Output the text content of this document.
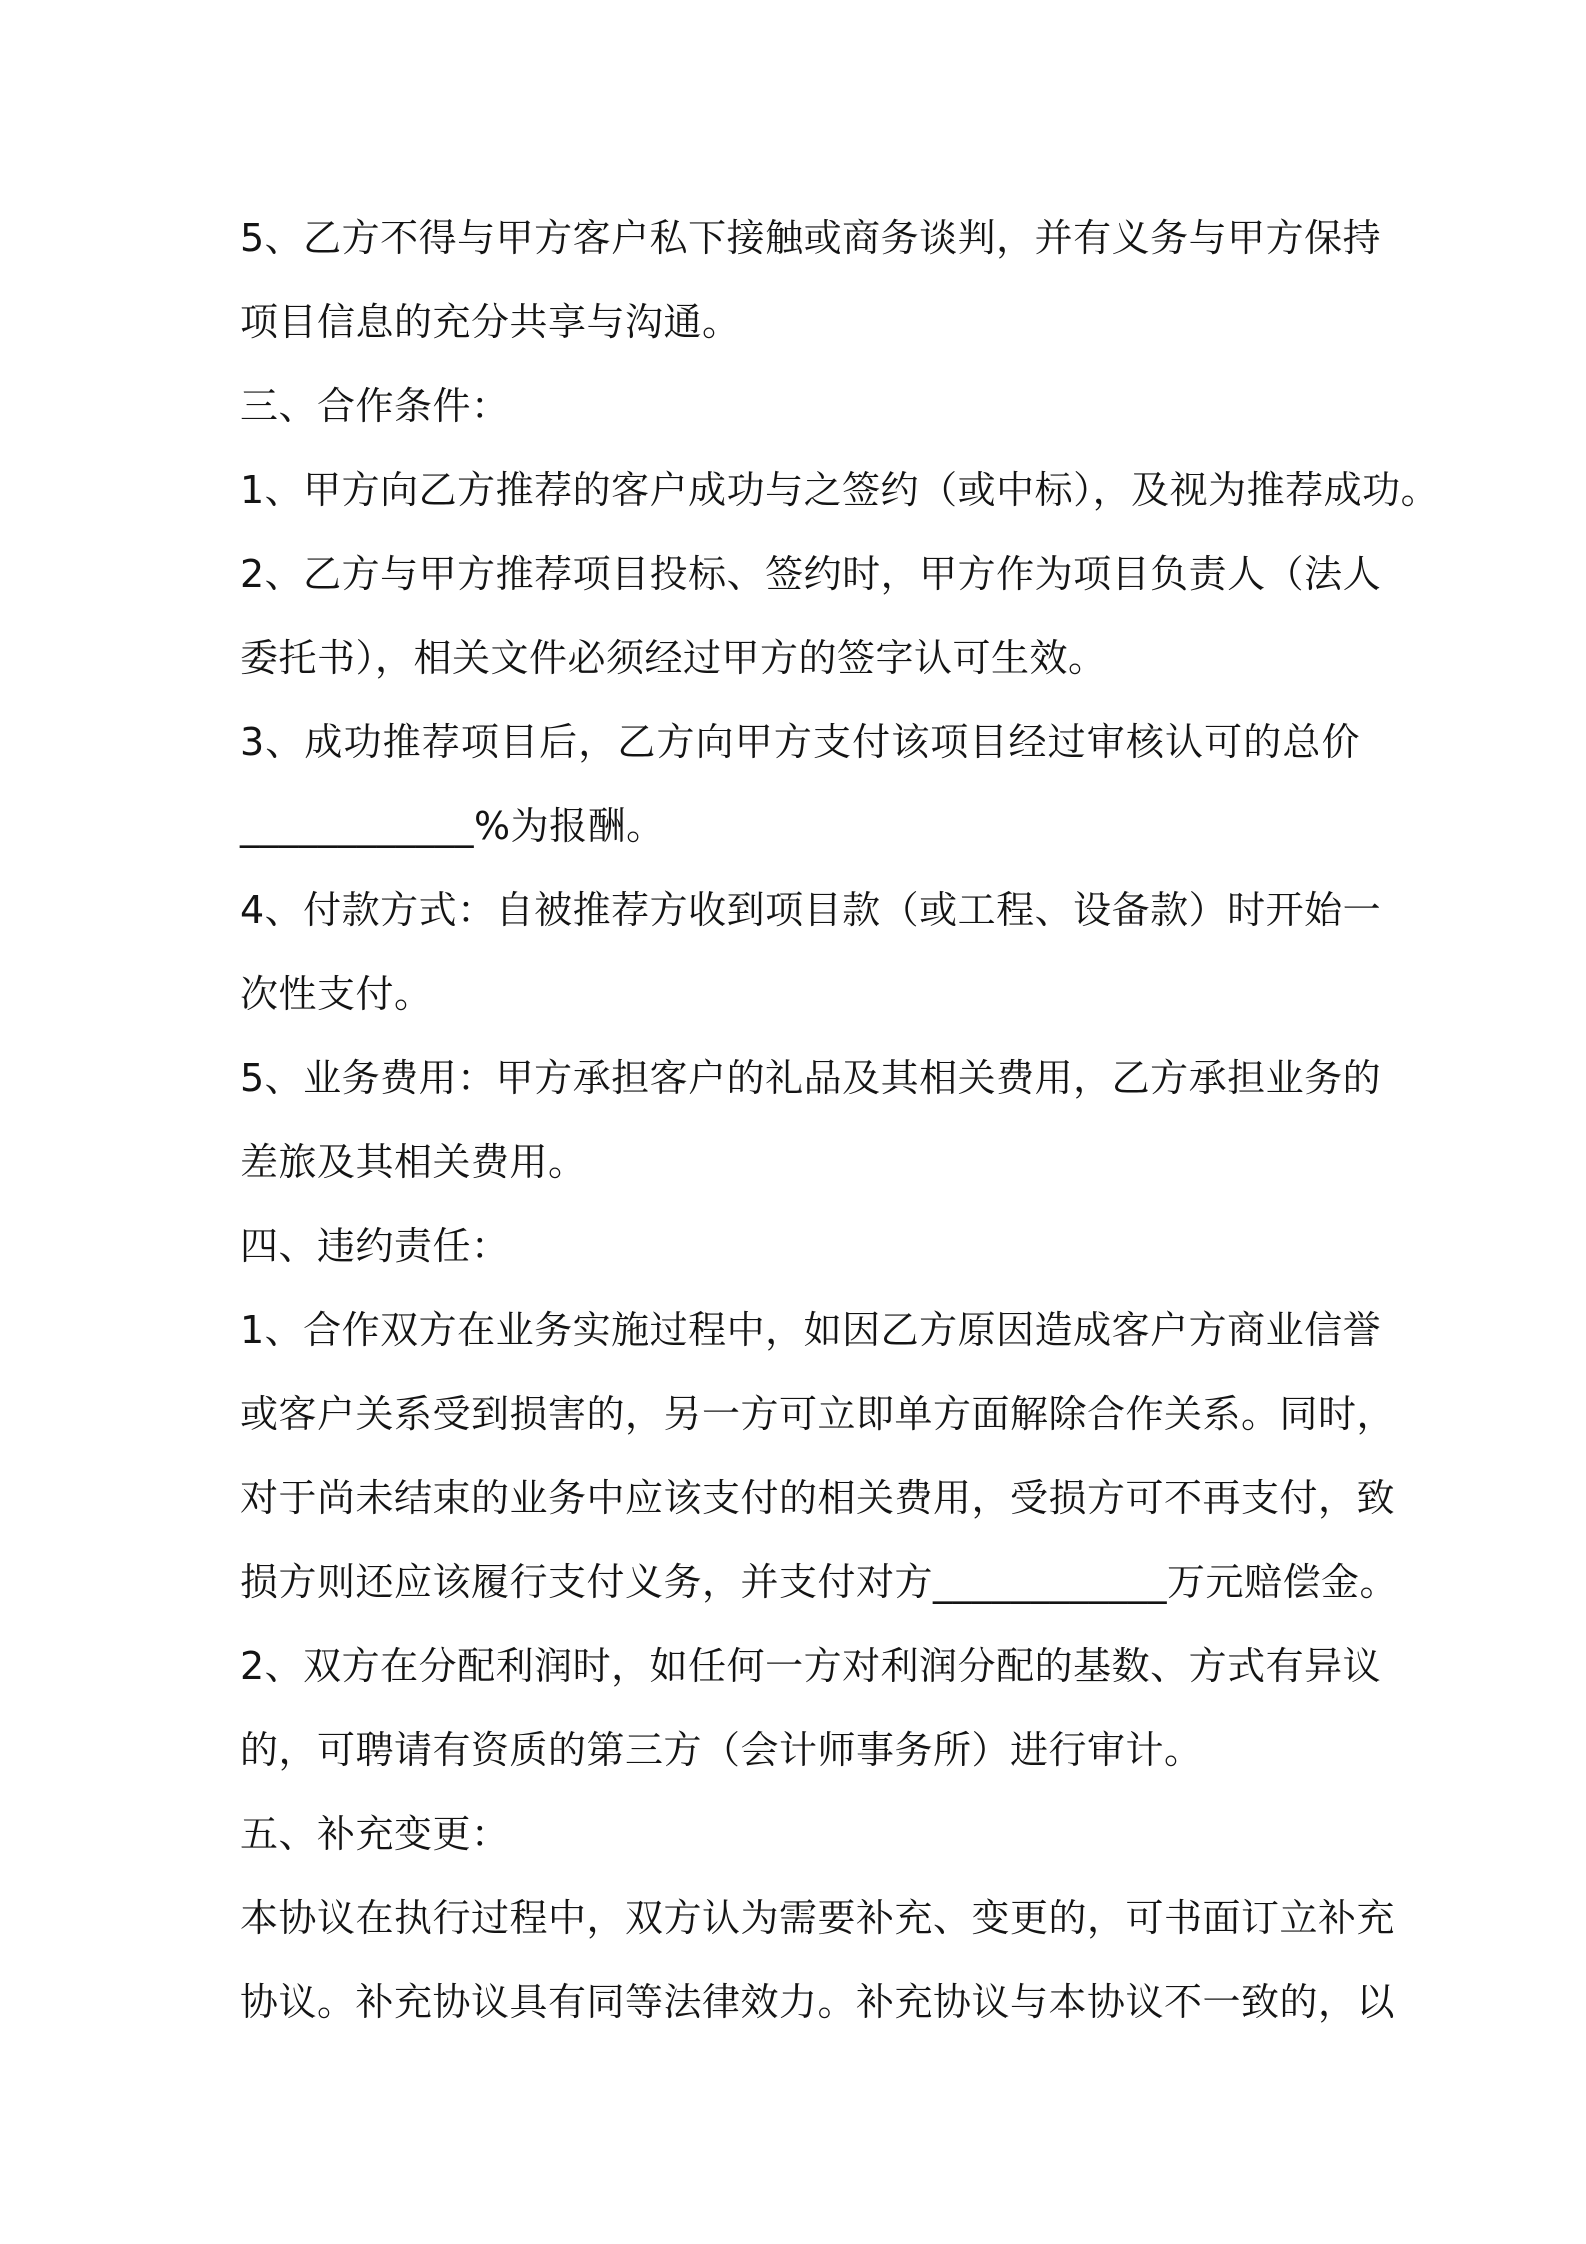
5、乙方不得与甲方客户私下接触或商务谈判，并有义务与甲方保持
项目信息的充分共享与沟通。
三、合作条件：
1、甲方向乙方推荐的客户成功与之签约（或中标），及视为推荐成功。
2、乙方与甲方推荐项目投标、签约时，甲方作为项目负责人（法人
委托书），相关文件必须经过甲方的签字认可生效。
3、成功推荐项目后，乙方向甲方支付该项目经过审核认可的总价
____________%为报酬。
4、付款方式：自被推荐方收到项目款（或工程、设备款）时开始一
次性支付。
5、业务费用：甲方承担客户的礼品及其相关费用，乙方承担业务的
差旅及其相关费用。
四、违约责任：
1、合作双方在业务实施过程中，如因乙方原因造成客户方商业信誉
或客户关系受到损害的，另一方可立即单方面解除合作关系。同时，
对于尚未结束的业务中应该支付的相关费用，受损方可不再支付，致
损方则还应该履行支付义务，并支付对方____________万元赔偿金。
2、双方在分配利润时，如任何一方对利润分配的基数、方式有异议
的，可聘请有资质的第三方（会计师事务所）进行审计。
五、补充变更：
本协议在执行过程中，双方认为需要补充、变更的，可书面订立补充
协议。补充协议具有同等法律效力。补充协议与本协议不一致的，以
